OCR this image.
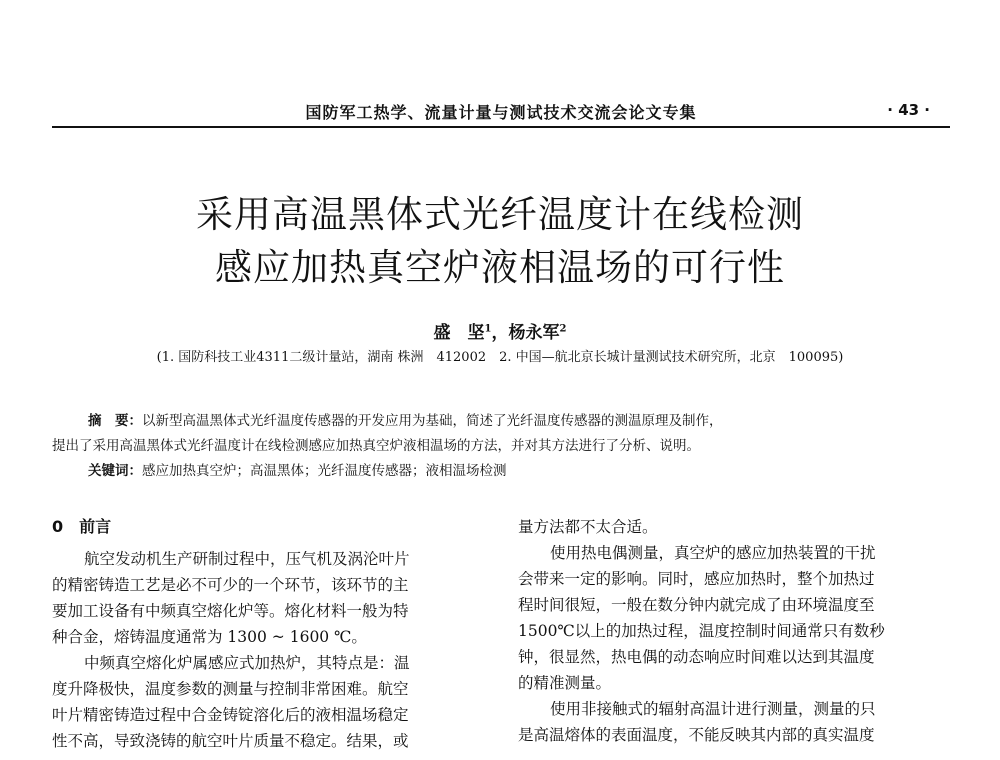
国防军工热学、流量计量与测试技术交流会论文专集	· 43 ·
采用高温黑体式光纤温度计在线检测
感应加热真空炉液相温场的可行性
盛　坚$^1$，杨永军$^2$
(1. 国防科技工业4311二级计量站，湖南 株洲　412002　2. 中国—航北京长城计量测试技术研究所，北京　100095)
摘　要：以新型高温黑体式光纤温度传感器的开发应用为基础，简述了光纤温度传感器的测温原理及制作，
提出了采用高温黑体式光纤温度计在线检测感应加热真空炉液相温场的方法，并对其方法进行了分析、说明。
关键词：感应加热真空炉；高温黑体；光纤温度传感器；液相温场检测

0 前言

航空发动机生产研制过程中，压气机及涡沦叶片

的精密铸造工艺是必不可少的一个环节，该环节的主

要加工设备有中频真空熔化炉等。熔化材料一般为特

种合金，熔铸温度通常为 1300 ~ 1600 ℃。

中频真空熔化炉属感应式加热炉，其特点是：温

度升降极快，温度参数的测量与控制非常困难。航空

叶片精密铸造过程中合金铸锭溶化后的液相温场稳定

性不高，导致浇铸的航空叶片质量不稳定。结果，或

量方法都不太合适。

使用热电偶测量，真空炉的感应加热装置的干扰

会带来一定的影响。同时，感应加热时，整个加热过

程时间很短，一般在数分钟内就完成了由环境温度至

1500℃以上的加热过程，温度控制时间通常只有数秒

钟，很显然，热电偶的动态响应时间难以达到其温度

的精准测量。

使用非接触式的辐射高温计进行测量，测量的只

是高温熔体的表面温度，不能反映其内部的真实温度
